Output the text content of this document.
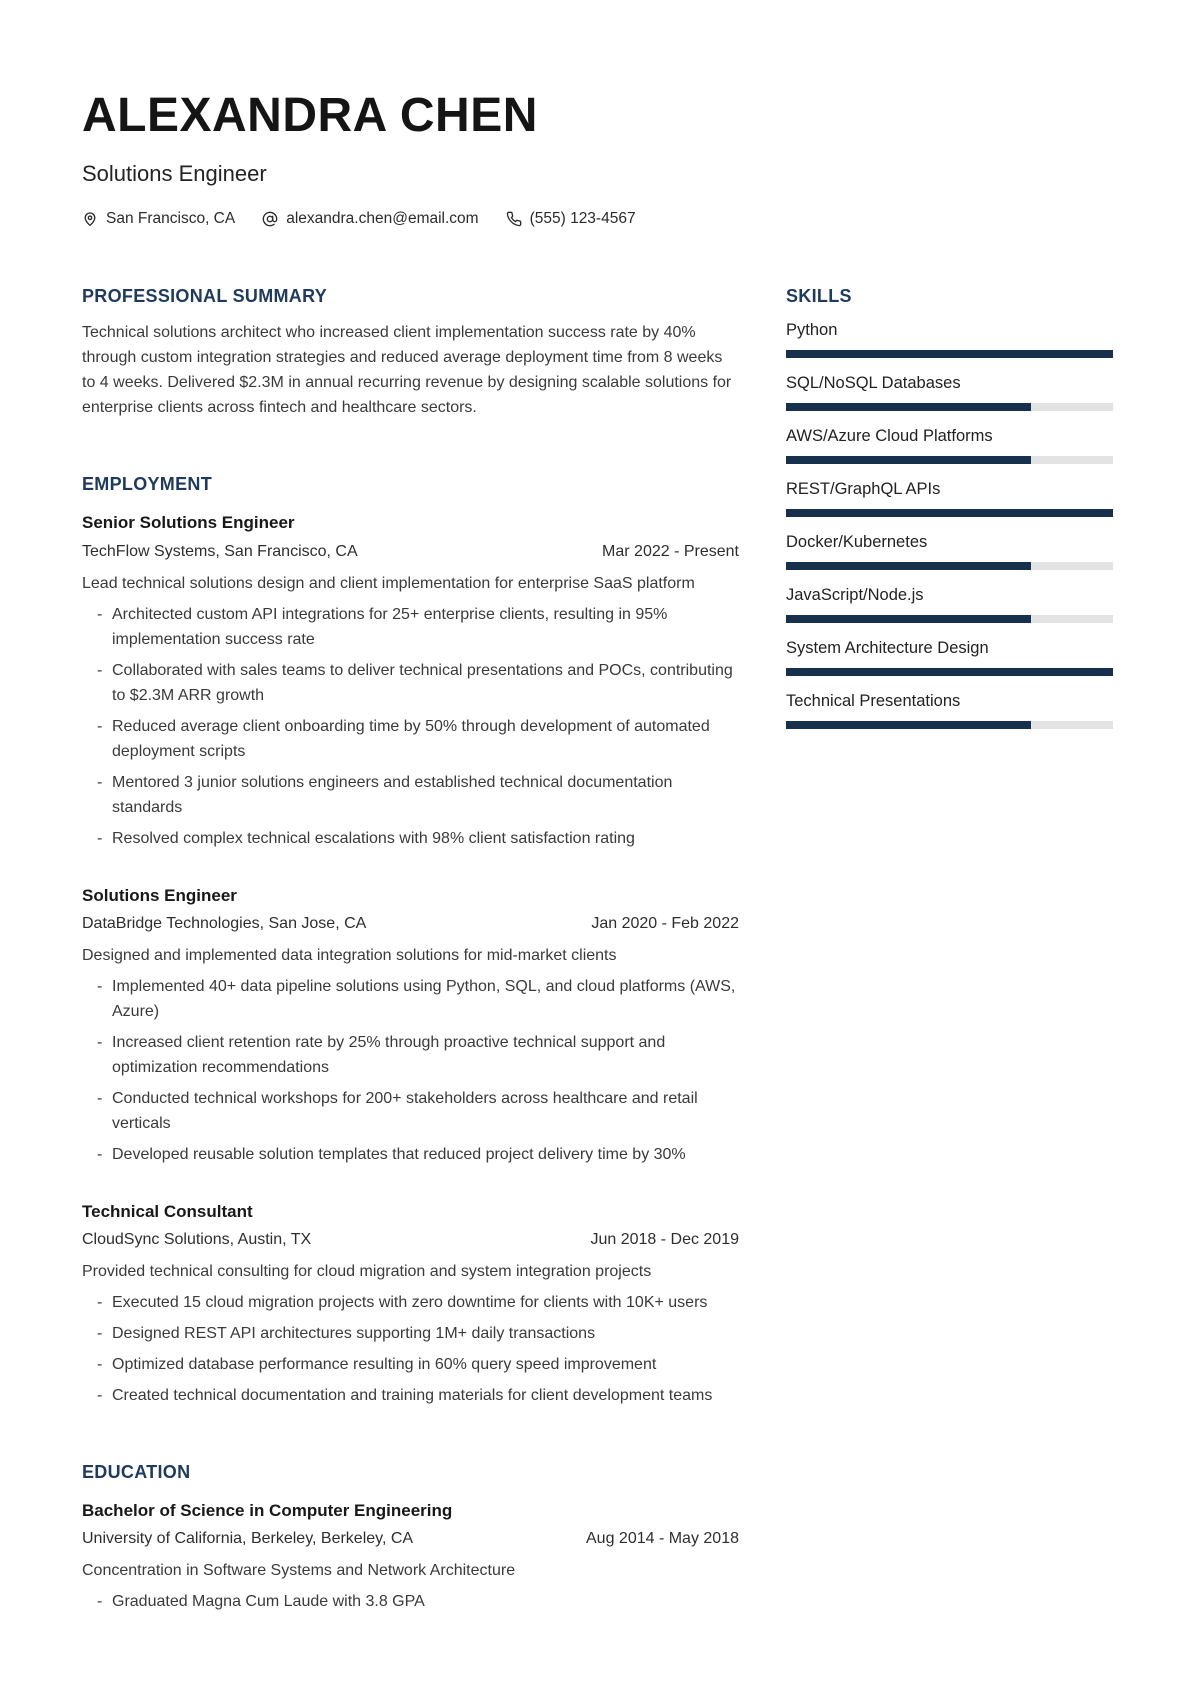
ALEXANDRA CHEN
Solutions Engineer
San Francisco, CA	alexandra.chen@email.com	(555) 123-4567
PROFESSIONAL SUMMARY

Technical solutions architect who increased client implementation success rate by 40% through custom integration strategies and reduced average deployment time from 8 weeks to 4 weeks. Delivered $2.3M in annual recurring revenue by designing scalable solutions for enterprise clients across fintech and healthcare sectors.

EMPLOYMENT
Senior Solutions Engineer
TechFlow Systems, San Francisco, CA	Mar 2022 - Present
Lead technical solutions design and client implementation for enterprise SaaS platform
- Architected custom API integrations for 25+ enterprise clients, resulting in 95% implementation success rate
- Collaborated with sales teams to deliver technical presentations and POCs, contributing to $2.3M ARR growth
- Reduced average client onboarding time by 50% through development of automated deployment scripts
- Mentored 3 junior solutions engineers and established technical documentation standards
- Resolved complex technical escalations with 98% client satisfaction rating
Solutions Engineer
DataBridge Technologies, San Jose, CA	Jan 2020 - Feb 2022
Designed and implemented data integration solutions for mid-market clients
- Implemented 40+ data pipeline solutions using Python, SQL, and cloud platforms (AWS, Azure)
- Increased client retention rate by 25% through proactive technical support and optimization recommendations
- Conducted technical workshops for 200+ stakeholders across healthcare and retail verticals
- Developed reusable solution templates that reduced project delivery time by 30%
Technical Consultant
CloudSync Solutions, Austin, TX	Jun 2018 - Dec 2019
Provided technical consulting for cloud migration and system integration projects
- Executed 15 cloud migration projects with zero downtime for clients with 10K+ users
- Designed REST API architectures supporting 1M+ daily transactions
- Optimized database performance resulting in 60% query speed improvement
- Created technical documentation and training materials for client development teams
EDUCATION
Bachelor of Science in Computer Engineering
University of California, Berkeley, Berkeley, CA	Aug 2014 - May 2018
Concentration in Software Systems and Network Architecture
- Graduated Magna Cum Laude with 3.8 GPA
SKILLS
Python
SQL/NoSQL Databases
AWS/Azure Cloud Platforms
REST/GraphQL APIs
Docker/Kubernetes
JavaScript/Node.js
System Architecture Design
Technical Presentations
